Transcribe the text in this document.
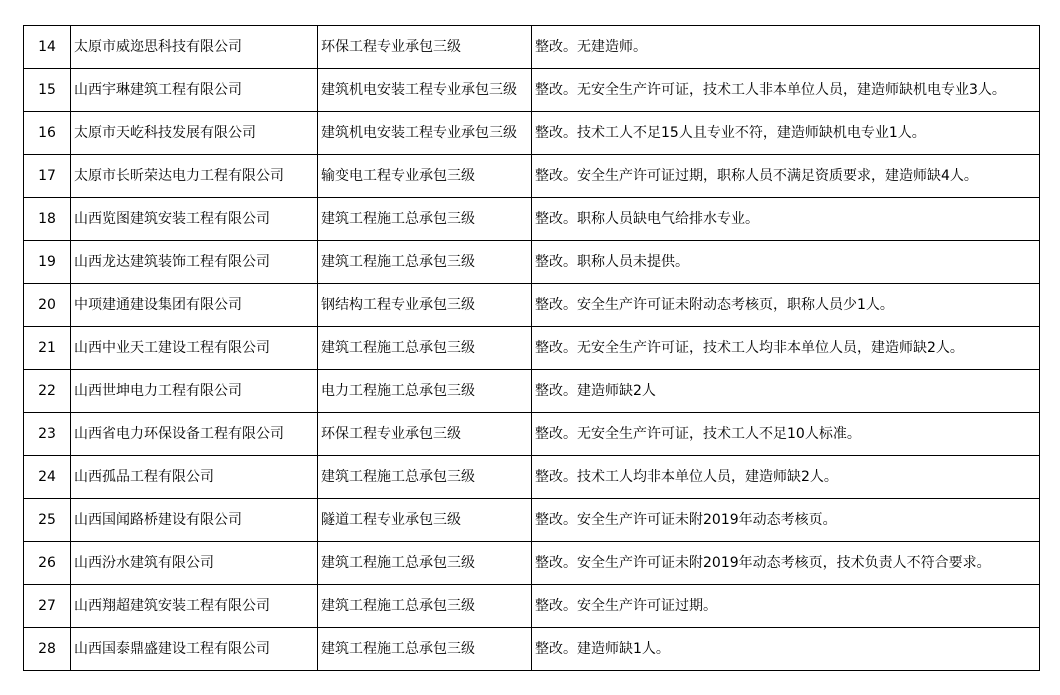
14	太原市威迩思科技有限公司	环保工程专业承包三级	整改。无建造师。
15	山西宇琳建筑工程有限公司	建筑机电安装工程专业承包三级	整改。无安全生产许可证，技术工人非本单位人员，建造师缺机电专业3人。
16	太原市天屹科技发展有限公司	建筑机电安装工程专业承包三级	整改。技术工人不足15人且专业不符，建造师缺机电专业1人。
17	太原市长昕荣达电力工程有限公司	输变电工程专业承包三级	整改。安全生产许可证过期，职称人员不满足资质要求，建造师缺4人。
18	山西览图建筑安装工程有限公司	建筑工程施工总承包三级	整改。职称人员缺电气给排水专业。
19	山西龙达建筑装饰工程有限公司	建筑工程施工总承包三级	整改。职称人员未提供。
20	中项建通建设集团有限公司	钢结构工程专业承包三级	整改。安全生产许可证未附动态考核页，职称人员少1人。
21	山西中业天工建设工程有限公司	建筑工程施工总承包三级	整改。无安全生产许可证，技术工人均非本单位人员，建造师缺2人。
22	山西世坤电力工程有限公司	电力工程施工总承包三级	整改。建造师缺2人
23	山西省电力环保设备工程有限公司	环保工程专业承包三级	整改。无安全生产许可证，技术工人不足10人标准。
24	山西孤品工程有限公司	建筑工程施工总承包三级	整改。技术工人均非本单位人员，建造师缺2人。
25	山西国闻路桥建设有限公司	隧道工程专业承包三级	整改。安全生产许可证未附2019年动态考核页。
26	山西汾水建筑有限公司	建筑工程施工总承包三级	整改。安全生产许可证未附2019年动态考核页，技术负责人不符合要求。
27	山西翔超建筑安装工程有限公司	建筑工程施工总承包三级	整改。安全生产许可证过期。
28	山西国泰鼎盛建设工程有限公司	建筑工程施工总承包三级	整改。建造师缺1人。
